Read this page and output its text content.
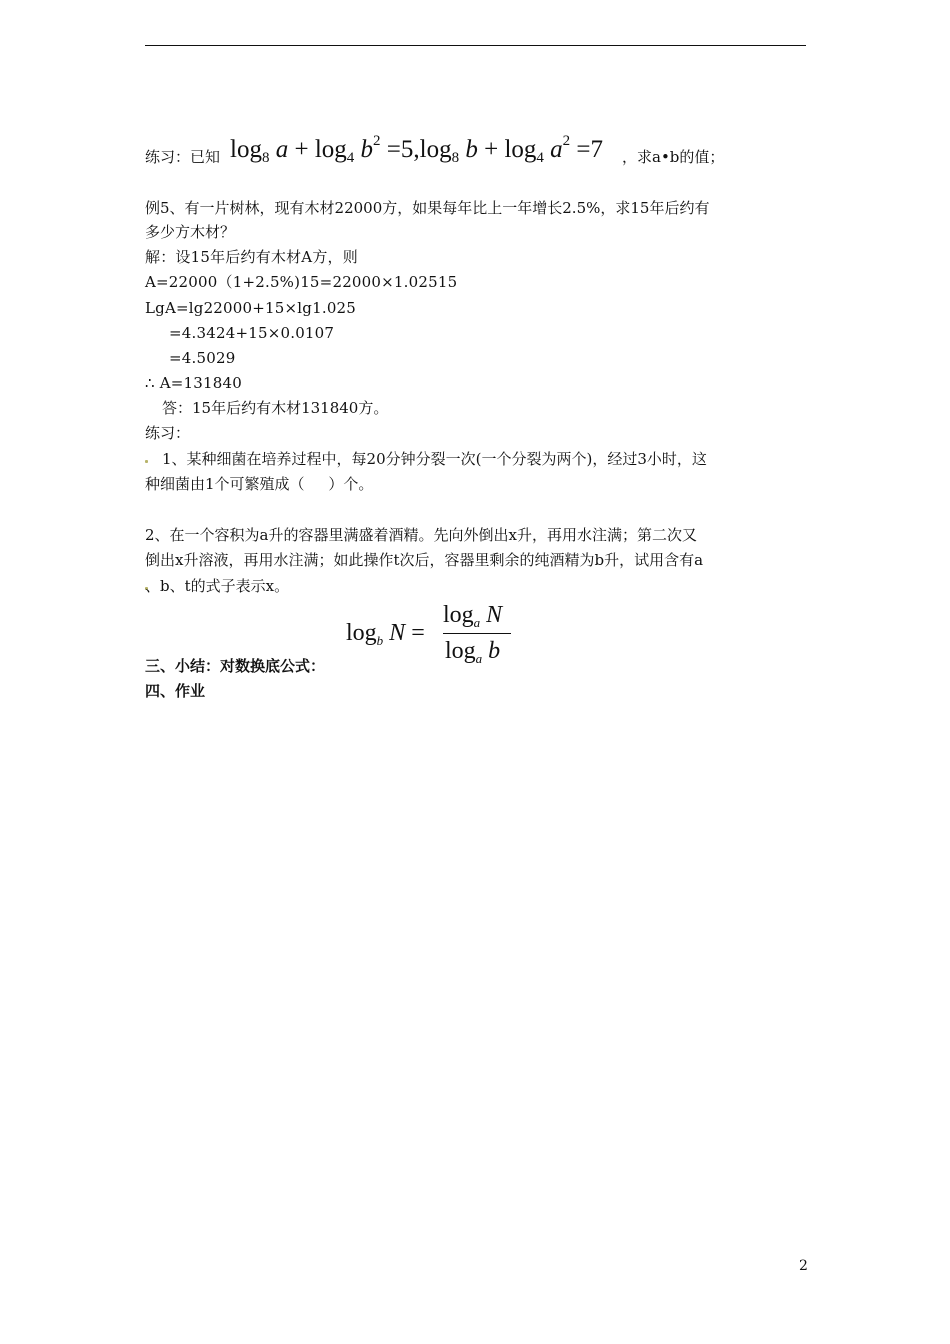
练习：已知 $\log_8 a + \log_4 b^2 =5,\log_8$ $b + \log_4 a^2 =7$ ，求a•b的值；
例5、有一片树林，现有木材22000方，如果每年比上一年增长2.5%，求15年后约有
多少方木材？
解：设15年后约有木材A方，则
A=22000（1+2.5%)15=22000×1.02515
LgA=lg22000+15×lg1.025
=4.3424+15×0.0107
=4.5029
∴ A=131840
答：15年后约有木材131840方。
练习：
1、某种细菌在培养过程中，每20分钟分裂一次(一个分裂为两个)，经过3小时，这
种细菌由1个可繁殖成（     ）个。
2、在一个容积为a升的容器里满盛着酒精。先向外倒出x升，再用水注满；第二次又
倒出x升溶液，再用水注满；如此操作t次后，容器里剩余的纯酒精为b升，试用含有a
、b、t的式子表示x。
$\log_b N$ =
$\log_a N$
$\log_a b$
三、小结：对数换底公式：
四、作业
2
